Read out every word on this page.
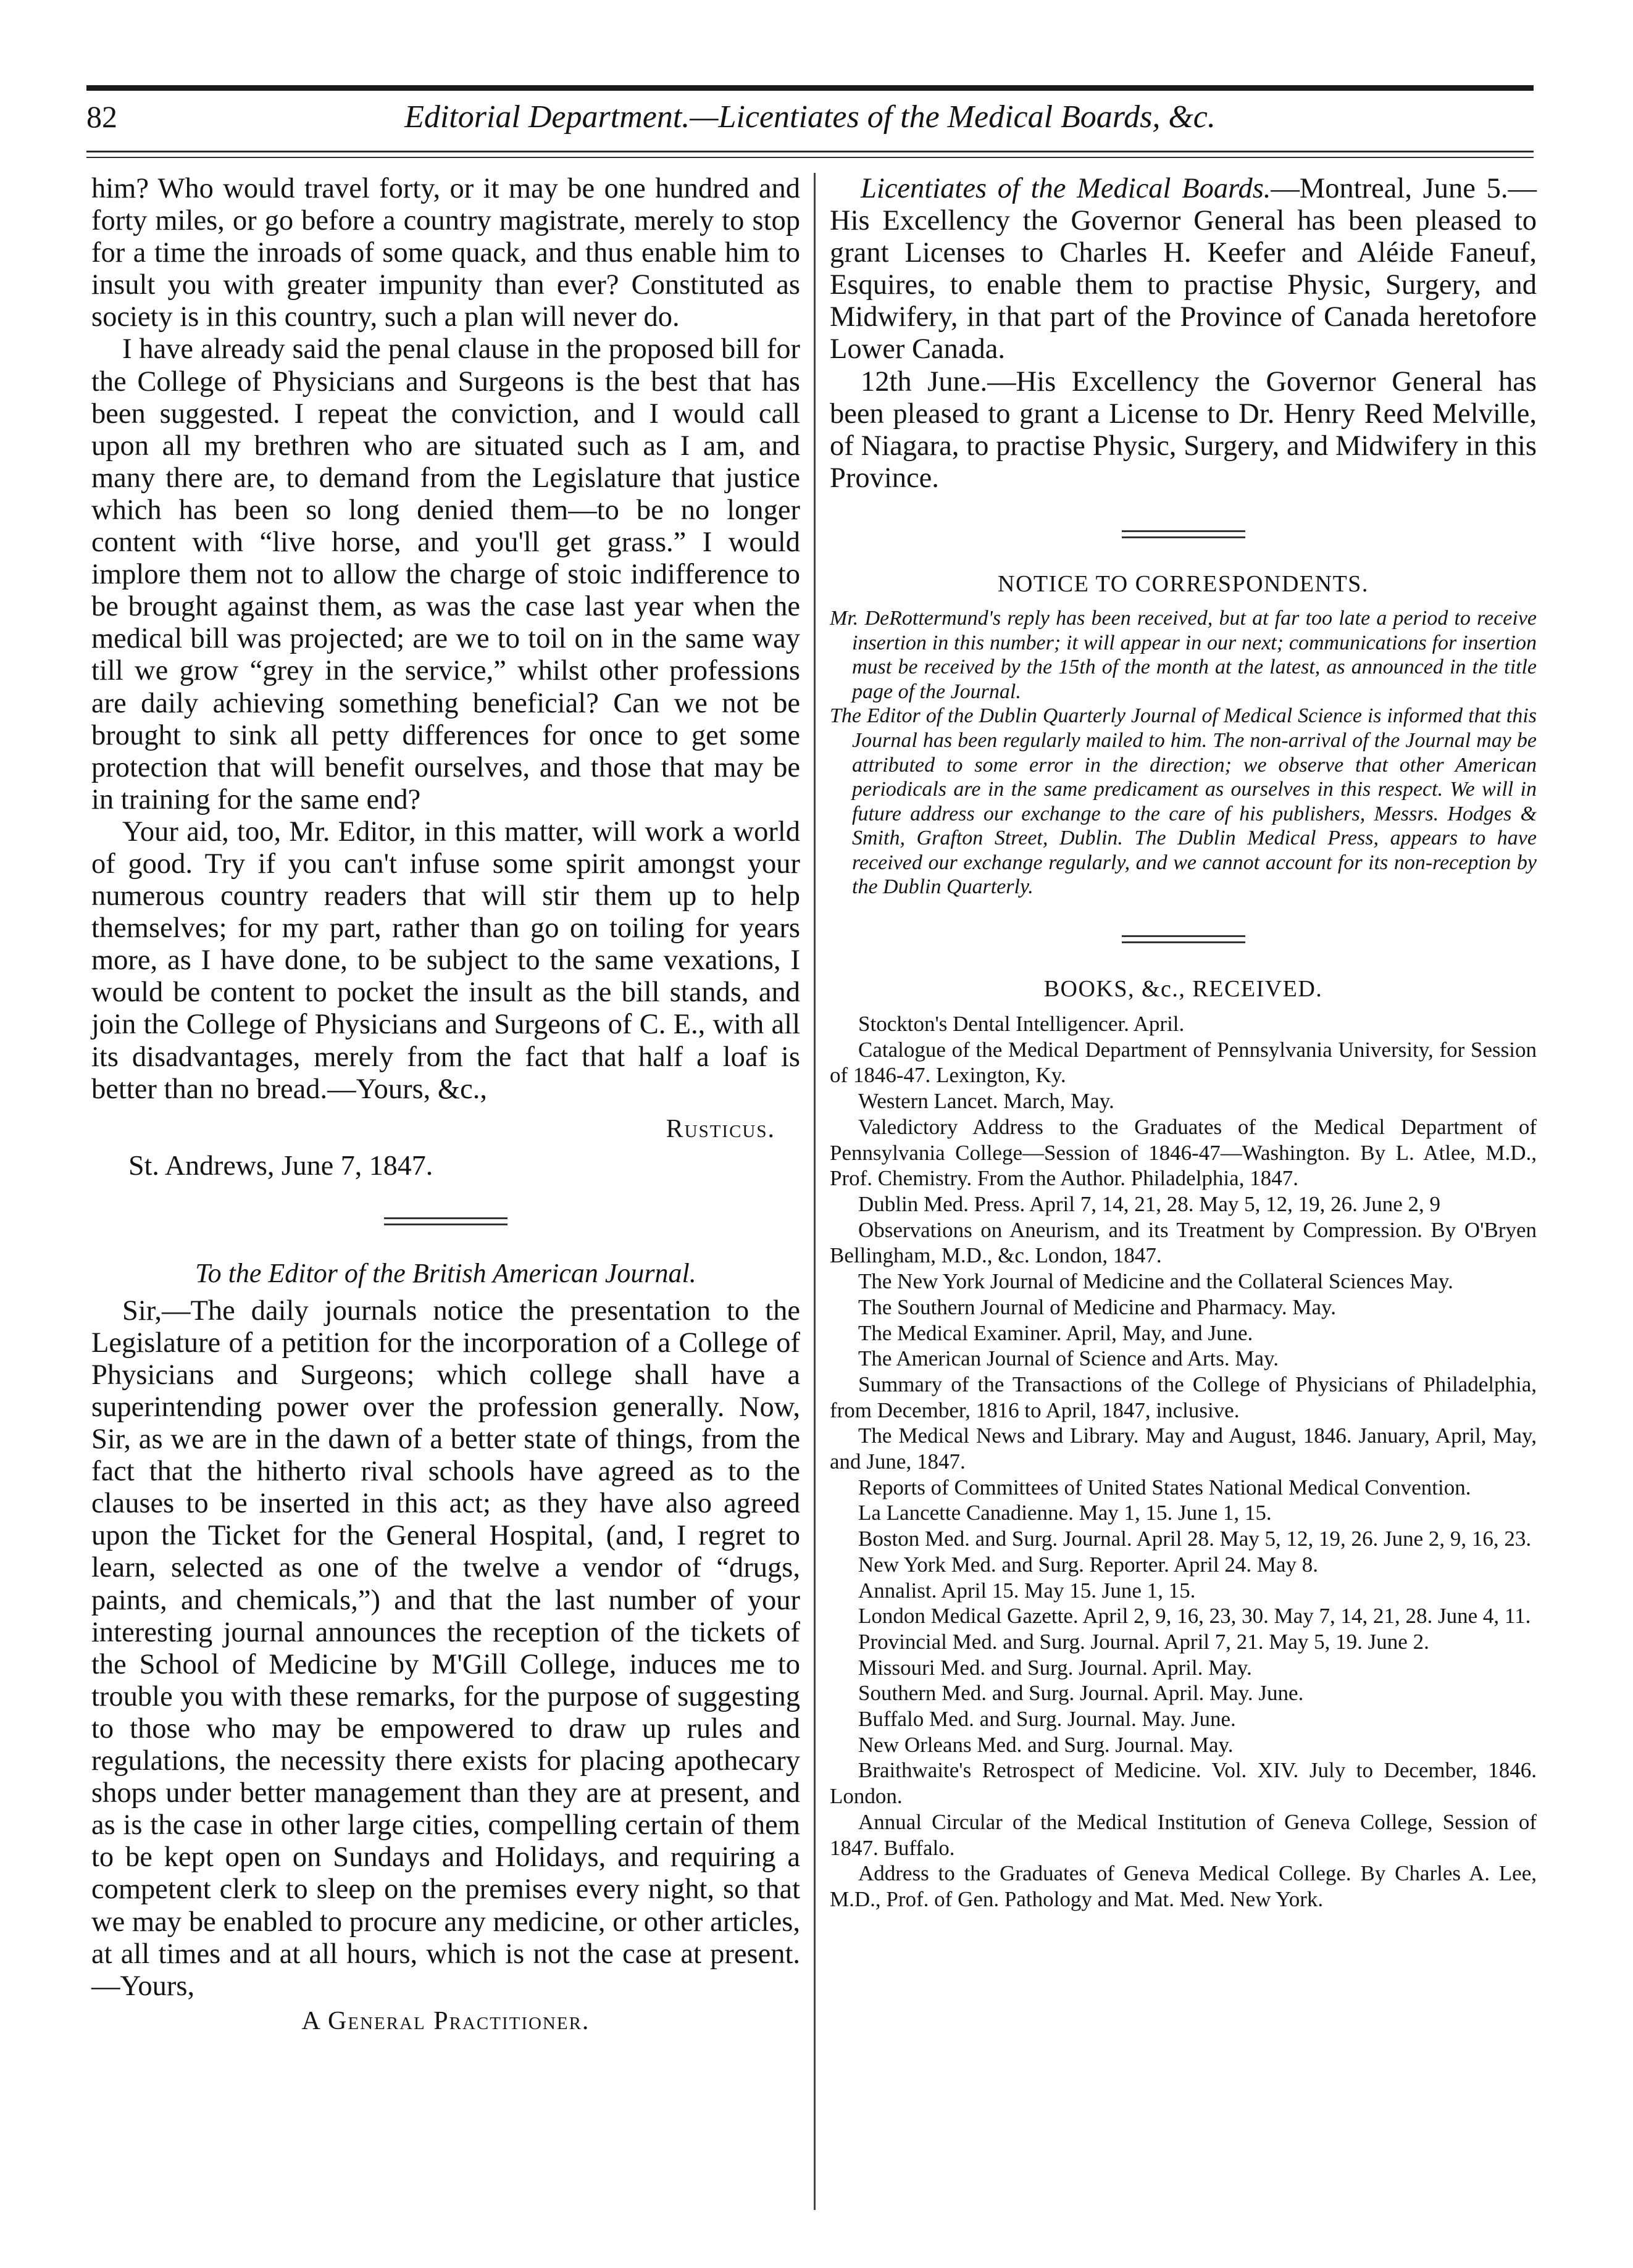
82	Editorial Department.—Licentiates of the Medical Boards, &c.

him? Who would travel forty, or it may be one hundred and forty miles, or go before a country magistrate, merely to stop for a time the inroads of some quack, and thus enable him to insult you with greater impunity than ever? Constituted as society is in this country, such a plan will never do.

I have already said the penal clause in the proposed bill for the College of Physicians and Surgeons is the best that has been suggested. I repeat the conviction, and I would call upon all my brethren who are situated such as I am, and many there are, to demand from the Legislature that justice which has been so long denied them—to be no longer content with “live horse, and you'll get grass.” I would implore them not to allow the charge of stoic indifference to be brought against them, as was the case last year when the medical bill was projected; are we to toil on in the same way till we grow “grey in the service,” whilst other professions are daily achieving something beneficial? Can we not be brought to sink all petty differences for once to get some protection that will benefit ourselves, and those that may be in training for the same end?

Your aid, too, Mr. Editor, in this matter, will work a world of good. Try if you can't infuse some spirit amongst your numerous country readers that will stir them up to help themselves; for my part, rather than go on toiling for years more, as I have done, to be subject to the same vexations, I would be content to pocket the insult as the bill stands, and join the College of Physicians and Surgeons of C. E., with all its disadvantages, merely from the fact that half a loaf is better than no bread.—Yours, &c.,

Rusticus.
St. Andrews, June 7, 1847.
To the Editor of the British American Journal.

Sir,—The daily journals notice the presentation to the Legislature of a petition for the incorporation of a College of Physicians and Surgeons; which college shall have a superintending power over the profession generally. Now, Sir, as we are in the dawn of a better state of things, from the fact that the hitherto rival schools have agreed as to the clauses to be inserted in this act; as they have also agreed upon the Ticket for the General Hospital, (and, I regret to learn, selected as one of the twelve a vendor of “drugs, paints, and chemicals,”) and that the last number of your interesting journal announces the reception of the tickets of the School of Medicine by M'Gill College, induces me to trouble you with these remarks, for the purpose of suggesting to those who may be empowered to draw up rules and regulations, the necessity there exists for placing apothecary shops under better management than they are at present, and as is the case in other large cities, compelling certain of them to be kept open on Sundays and Holidays, and requiring a competent clerk to sleep on the premises every night, so that we may be enabled to procure any medicine, or other articles, at all times and at all hours, which is not the case at present.—Yours,

A General Practitioner.

Licentiates of the Medical Boards.—Montreal, June 5.—His Excellency the Governor General has been pleased to grant Licenses to Charles H. Keefer and Aléide Faneuf, Esquires, to enable them to practise Physic, Surgery, and Midwifery, in that part of the Province of Canada heretofore Lower Canada.

12th June.—His Excellency the Governor General has been pleased to grant a License to Dr. Henry Reed Melville, of Niagara, to practise Physic, Surgery, and Midwifery in this Province.

NOTICE TO CORRESPONDENTS.

Mr. DeRottermund's reply has been received, but at far too late a period to receive insertion in this number; it will appear in our next; communications for insertion must be received by the 15th of the month at the latest, as announced in the title page of the Journal.

The Editor of the Dublin Quarterly Journal of Medical Science is informed that this Journal has been regularly mailed to him. The non-arrival of the Journal may be attributed to some error in the direction; we observe that other American periodicals are in the same predicament as ourselves in this respect. We will in future address our exchange to the care of his publishers, Messrs. Hodges & Smith, Grafton Street, Dublin. The Dublin Medical Press, appears to have received our exchange regularly, and we cannot account for its non-reception by the Dublin Quarterly.

BOOKS, &c., RECEIVED.

Stockton's Dental Intelligencer. April.

Catalogue of the Medical Department of Pennsylvania University, for Session of 1846-47. Lexington, Ky.

Western Lancet. March, May.

Valedictory Address to the Graduates of the Medical Department of Pennsylvania College—Session of 1846-47—Washington. By L. Atlee, M.D., Prof. Chemistry. From the Author. Philadelphia, 1847.

Dublin Med. Press. April 7, 14, 21, 28. May 5, 12, 19, 26. June 2, 9

Observations on Aneurism, and its Treatment by Compression. By O'Bryen Bellingham, M.D., &c. London, 1847.

The New York Journal of Medicine and the Collateral Sciences May.

The Southern Journal of Medicine and Pharmacy. May.

The Medical Examiner. April, May, and June.

The American Journal of Science and Arts. May.

Summary of the Transactions of the College of Physicians of Philadelphia, from December, 1816 to April, 1847, inclusive.

The Medical News and Library. May and August, 1846. January, April, May, and June, 1847.

Reports of Committees of United States National Medical Convention.

La Lancette Canadienne. May 1, 15. June 1, 15.

Boston Med. and Surg. Journal. April 28. May 5, 12, 19, 26. June 2, 9, 16, 23.

New York Med. and Surg. Reporter. April 24. May 8.

Annalist. April 15. May 15. June 1, 15.

London Medical Gazette. April 2, 9, 16, 23, 30. May 7, 14, 21, 28. June 4, 11.

Provincial Med. and Surg. Journal. April 7, 21. May 5, 19. June 2.

Missouri Med. and Surg. Journal. April. May.

Southern Med. and Surg. Journal. April. May. June.

Buffalo Med. and Surg. Journal. May. June.

New Orleans Med. and Surg. Journal. May.

Braithwaite's Retrospect of Medicine. Vol. XIV. July to December, 1846. London.

Annual Circular of the Medical Institution of Geneva College, Session of 1847. Buffalo.

Address to the Graduates of Geneva Medical College. By Charles A. Lee, M.D., Prof. of Gen. Pathology and Mat. Med. New York.
